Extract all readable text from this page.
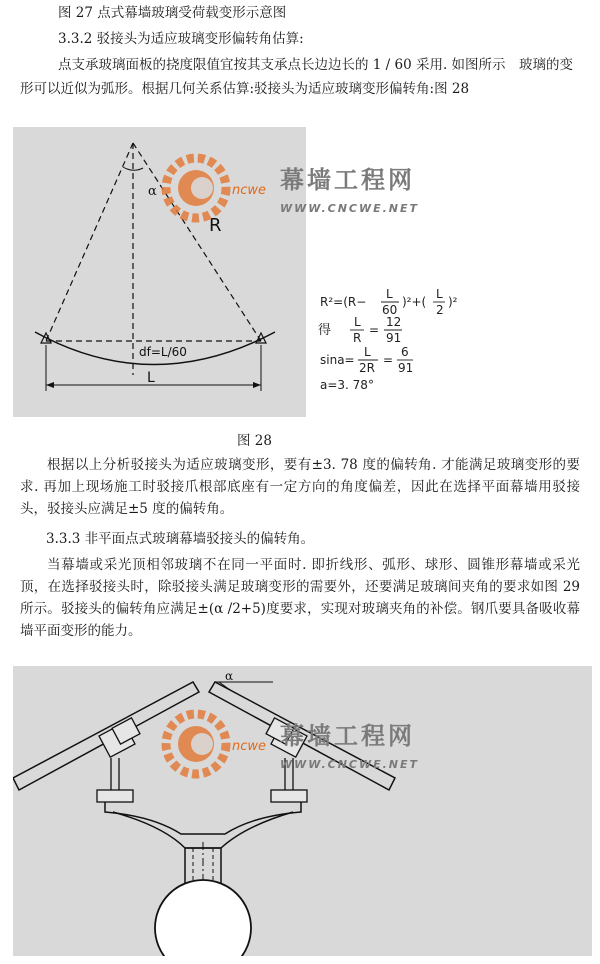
图 27 点式幕墙玻璃受荷载变形示意图
3.3.2 驳接头为适应玻璃变形偏转角估算:
点支承玻璃面板的挠度限值宜按其支承点长边边长的 1 / 60 采用. 如图所示　玻璃的变
形可以近似为弧形。根据几何关系估算:驳接头为适应玻璃变形偏转角:图 28
α
R
df=L/60
L
R²=(R−
L
60
)²+(
L
2
)²
得
L
R
=
12
91
sina=
L
2R
=
6
91
a=3. 78°
ncwe 幕墙工程网
WWW.CNCWE.NET
图 28
根据以上分析驳接头为适应玻璃变形，要有±3. 78 度的偏转角. 才能满足玻璃变形的要求. 再加上现场施工时驳接爪根部底座有一定方向的角度偏差，因此在选择平面幕墙用驳接头，驳接头应满足±5 度的偏转角。
3.3.3 非平面点式玻璃幕墙驳接头的偏转角。
当幕墙或采光顶相邻玻璃不在同一平面时. 即折线形、弧形、球形、圆锥形幕墙或采光顶，在选择驳接头时，除驳接头满足玻璃变形的需要外，还要满足玻璃间夹角的要求如图 29 所示。驳接头的偏转角应满足±(α /2+5)度要求，实现对玻璃夹角的补偿。钢爪要具备吸收幕墙平面变形的能力。
α
ncwe 幕墙工程网
WWW.CNCWE.NET
